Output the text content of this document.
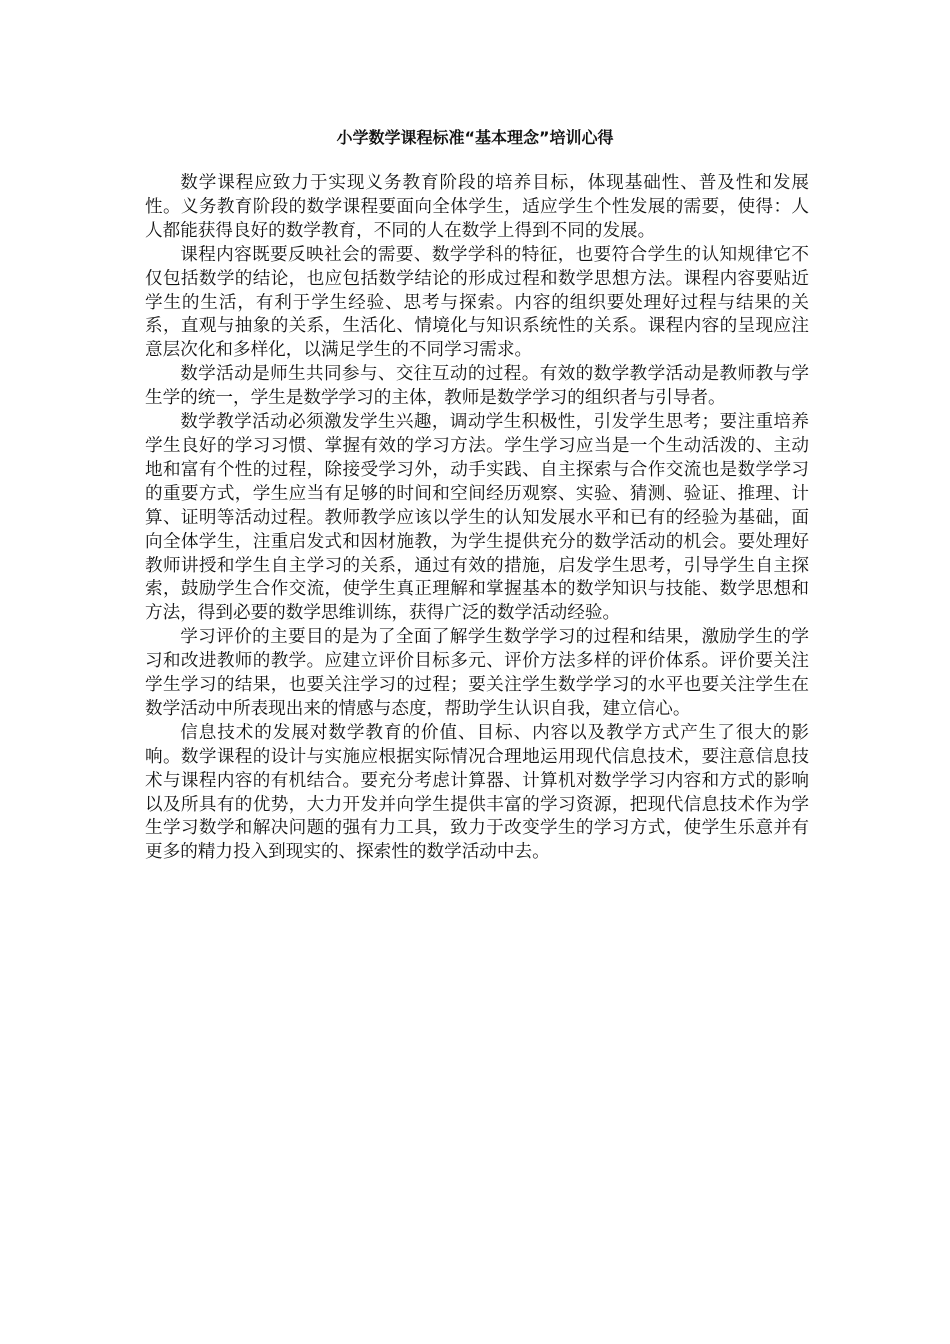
小学数学课程标准“基本理念”培训心得

数学课程应致力于实现义务教育阶段的培养目标，体现基础性、普及性和发展性。义务教育阶段的数学课程要面向全体学生，适应学生个性发展的需要，使得：人人都能获得良好的数学教育，不同的人在数学上得到不同的发展。

课程内容既要反映社会的需要、数学学科的特征，也要符合学生的认知规律它不仅包括数学的结论，也应包括数学结论的形成过程和数学思想方法。课程内容要贴近学生的生活，有利于学生经验、思考与探索。内容的组织要处理好过程与结果的关系，直观与抽象的关系，生活化、情境化与知识系统性的关系。课程内容的呈现应注意层次化和多样化，以满足学生的不同学习需求。

数学活动是师生共同参与、交往互动的过程。有效的数学教学活动是教师教与学生学的统一，学生是数学学习的主体，教师是数学学习的组织者与引导者。

数学教学活动必须激发学生兴趣，调动学生积极性，引发学生思考；要注重培养学生良好的学习习惯、掌握有效的学习方法。学生学习应当是一个生动活泼的、主动地和富有个性的过程，除接受学习外，动手实践、自主探索与合作交流也是数学学习的重要方式，学生应当有足够的时间和空间经历观察、实验、猜测、验证、推理、计算、证明等活动过程。教师教学应该以学生的认知发展水平和已有的经验为基础，面向全体学生，注重启发式和因材施教，为学生提供充分的数学活动的机会。要处理好教师讲授和学生自主学习的关系，通过有效的措施，启发学生思考，引导学生自主探索，鼓励学生合作交流，使学生真正理解和掌握基本的数学知识与技能、数学思想和方法，得到必要的数学思维训练，获得广泛的数学活动经验。

学习评价的主要目的是为了全面了解学生数学学习的过程和结果，激励学生的学习和改进教师的教学。应建立评价目标多元、评价方法多样的评价体系。评价要关注学生学习的结果，也要关注学习的过程；要关注学生数学学习的水平也要关注学生在数学活动中所表现出来的情感与态度，帮助学生认识自我，建立信心。

信息技术的发展对数学教育的价值、目标、内容以及教学方式产生了很大的影响。数学课程的设计与实施应根据实际情况合理地运用现代信息技术，要注意信息技术与课程内容的有机结合。要充分考虑计算器、计算机对数学学习内容和方式的影响以及所具有的优势，大力开发并向学生提供丰富的学习资源，把现代信息技术作为学生学习数学和解决问题的强有力工具，致力于改变学生的学习方式，使学生乐意并有更多的精力投入到现实的、探索性的数学活动中去。
